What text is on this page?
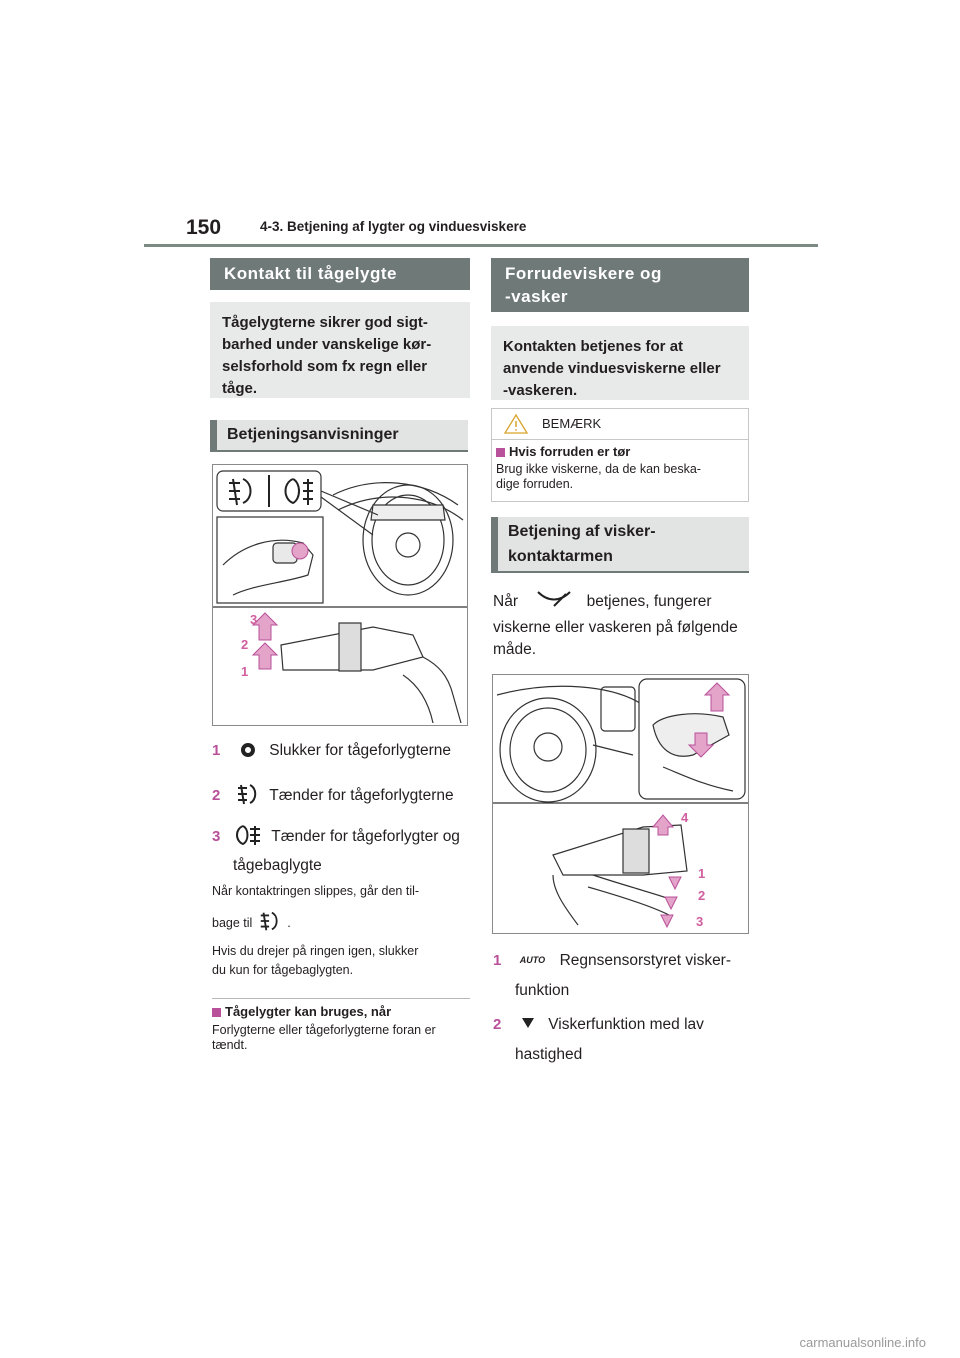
150	4-3. Betjening af lygter og vinduesviskere
Kontakt til tågelygte
Tågelygterne sikrer god sigt-
barhed under vanskelige kør-
selsforhold som fx regn eller
tåge.
Betjeningsanvisninger
3
2
1
1	Slukker for tågeforlygterne
2	Tænder for tågeforlygterne
3	Tænder for tågeforlygter og
tågebaglygte
Når kontaktringen slippes, går den til-
bage til	.
Hvis du drejer på ringen igen, slukker
du kun for tågebaglygten.
Tågelygter kan bruges, når
Forlygterne eller tågeforlygterne foran er
tændt.
Forrudeviskere og
-vasker
Kontakten betjenes for at
anvende vinduesviskerne eller
-vaskeren.
BEMÆRK
Hvis forruden er tør
Brug ikke viskerne, da de kan beska-
dige forruden.
Betjening af visker-
kontaktarmen
Når	betjenes, fungerer
viskerne eller vaskeren på følgende
måde.
4
1
2
3
1 AUTO Regnsensorstyret visker-
funktion
2	Viskerfunktion med lav
hastighed
carmanualsonline.info
